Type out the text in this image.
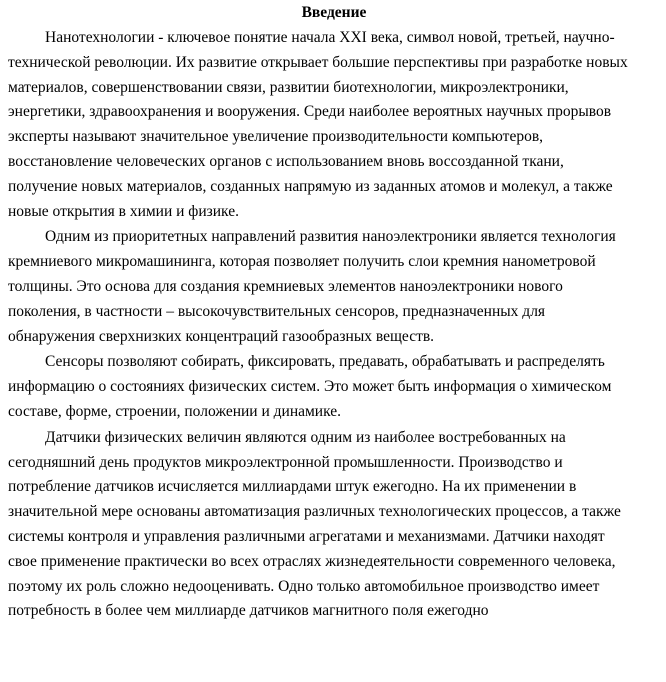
Введение
Нанотехнологии - ключевое понятие начала XXI века, символ новой, третьей, научно-
технической революции. Их развитие открывает большие перспективы при разработке новых
материалов, совершенствовании связи, развитии биотехнологии, микроэлектроники,
энергетики, здравоохранения и вооружения. Среди наиболее вероятных научных прорывов
эксперты называют значительное увеличение производительности компьютеров,
восстановление человеческих органов с использованием вновь воссозданной ткани,
получение новых материалов, созданных напрямую из заданных атомов и молекул, а также
новые открытия в химии и физике.
Одним из приоритетных направлений развития наноэлектроники является технология
кремниевого микромашининга, которая позволяет получить слои кремния нанометровой
толщины. Это основа для создания кремниевых элементов наноэлектроники нового
поколения, в частности – высокочувствительных сенсоров, предназначенных для
обнаружения сверхнизких концентраций газообразных веществ.
Сенсоры позволяют собирать, фиксировать, предавать, обрабатывать и распределять
информацию о состояниях физических систем. Это может быть информация о химическом
составе, форме, строении, положении и динамике.
Датчики физических величин являются одним из наиболее востребованных на
сегодняшний день продуктов микроэлектронной промышленности. Производство и
потребление датчиков исчисляется миллиардами штук ежегодно. На их применении в
значительной мере основаны автоматизация различных технологических процессов, а также
системы контроля и управления различными агрегатами и механизмами. Датчики находят
свое применение практически во всех отраслях жизнедеятельности современного человека,
поэтому их роль сложно недооценивать. Одно только автомобильное производство имеет
потребность в более чем миллиарде датчиков магнитного поля ежегодно
